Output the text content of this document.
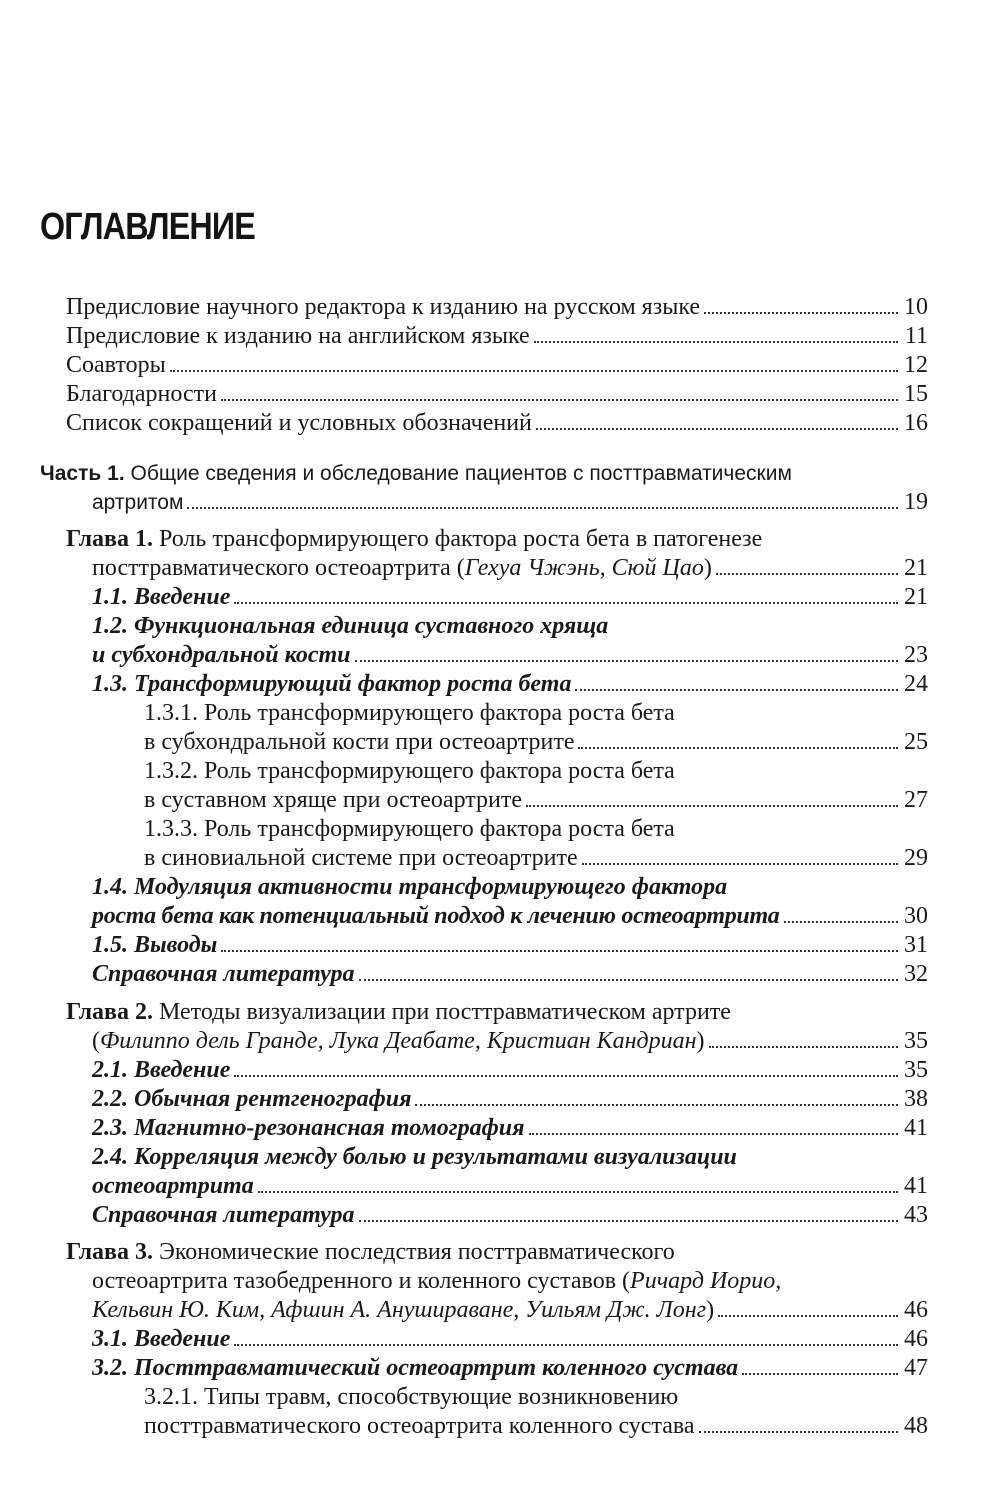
ОГЛАВЛЕНИЕ
Предисловие научного редактора к изданию на русском языке	10
Предисловие к изданию на английском языке	11
Соавторы	12
Благодарности	15
Список сокращений и условных обозначений	16
Часть 1. Общие сведения и обследование пациентов с посттравматическим
артритом	19
Глава 1. Роль трансформирующего фактора роста бета в патогенезе
посттравматического остеоартрита (Гехуа Чжэнь, Сюй Цао)	21
1.1. Введение	21
1.2. Функциональная единица суставного хряща
и субхондральной кости	23
1.3. Трансформирующий фактор роста бета	24
1.3.1. Роль трансформирующего фактора роста бета
в субхондральной кости при остеоартрите	25
1.3.2. Роль трансформирующего фактора роста бета
в суставном хряще при остеоартрите	27
1.3.3. Роль трансформирующего фактора роста бета
в синовиальной системе при остеоартрите	29
1.4. Модуляция активности трансформирующего фактора
роста бета как потенциальный подход к лечению остеоартрита	30
1.5. Выводы	31
Справочная литература	32
Глава 2. Методы визуализации при посттравматическом артрите
(Филиппо дель Гранде, Лука Деабате, Кристиан Кандриан)	35
2.1. Введение	35
2.2. Обычная рентгенография	38
2.3. Магнитно-резонансная томография	41
2.4. Корреляция между болью и результатами визуализации
остеоартрита	41
Справочная литература	43
Глава 3. Экономические последствия посттравматического
остеоартрита тазобедренного и коленного суставов (Ричард Иорио,
Кельвин Ю. Ким, Афшин А. Анушираване, Уильям Дж. Лонг)	46
3.1. Введение	46
3.2. Посттравматический остеоартрит коленного сустава	47
3.2.1. Типы травм, способствующие возникновению
посттравматического остеоартрита коленного сустава	48
